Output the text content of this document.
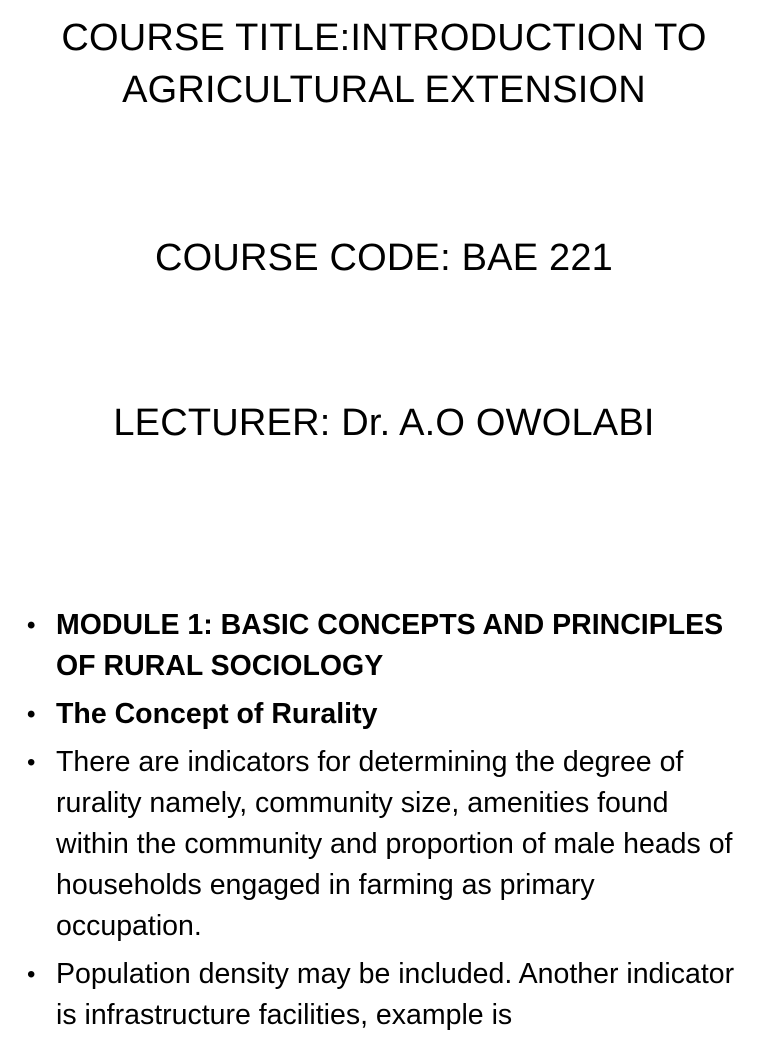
COURSE TITLE:INTRODUCTION TO
AGRICULTURAL EXTENSION
COURSE CODE: BAE 221
LECTURER: Dr. A.O OWOLABI
• MODULE 1: BASIC CONCEPTS AND PRINCIPLES OF RURAL SOCIOLOGY
• The Concept of Rurality
• There are indicators for determining the degree of rurality namely, community size, amenities found within the community and proportion of male heads of households engaged in farming as primary occupation.
• Population density may be included. Another indicator is infrastructure facilities, example is
